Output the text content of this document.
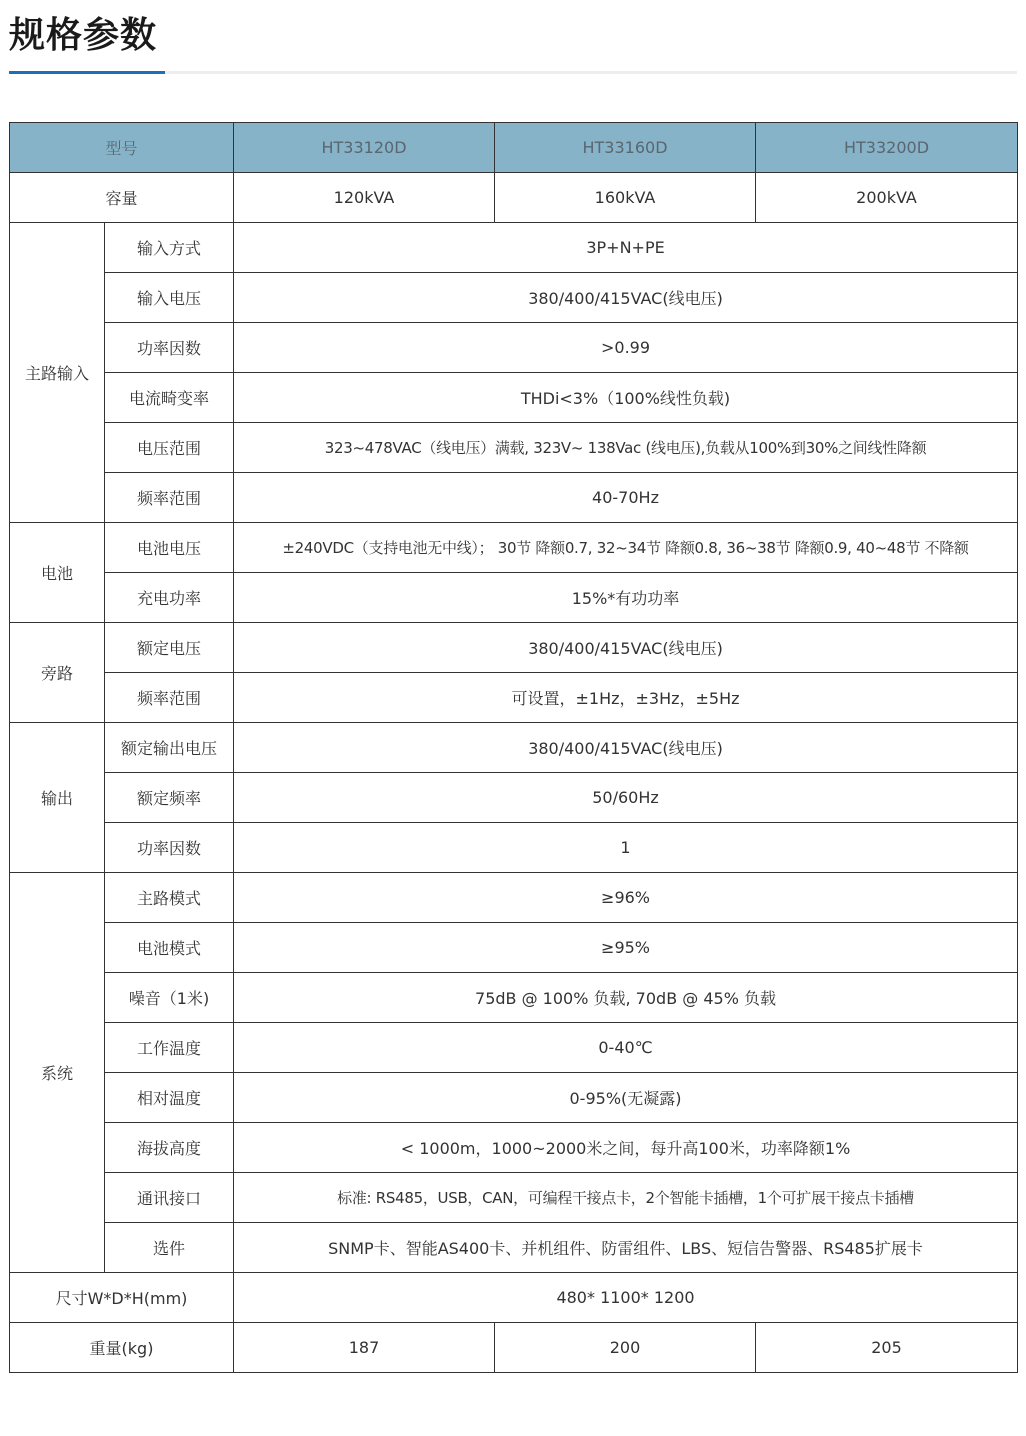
规格参数
型号		HT33120D	HT33160D	HT33200D
容量		120kVA	160kVA	200kVA
主路输入	输入方式	3P+N+PE		
	输入电压	380/400/415VAC(线电压)		
	功率因数	>0.99		
	电流畸变率	THDi<3%（100%线性负载)		
	电压范围	323~478VAC（线电压）满载, 323V~ 138Vac (线电压),负载从100%到30%之间线性降额		
	频率范围	40-70Hz		
电池	电池电压	±240VDC（支持电池无中线）； 30节 降额0.7, 32~34节 降额0.8, 36~38节 降额0.9, 40~48节 不降额		
	充电功率	15%*有功功率		
旁路	额定电压	380/400/415VAC(线电压)		
	频率范围	可设置，±1Hz，±3Hz，±5Hz		
输出	额定输出电压	380/400/415VAC(线电压)		
	额定频率	50/60Hz		
	功率因数	1		
系统	主路模式	≥96%		
	电池模式	≥95%		
	噪音（1米)	75dB @ 100% 负载, 70dB @ 45% 负载		
	工作温度	0-40℃		
	相对温度	0-95%(无凝露)		
	海拔高度	< 1000m，1000~2000米之间，每升高100米，功率降额1%		
	通讯接口	标准: RS485，USB，CAN，可编程干接点卡，2个智能卡插槽，1个可扩展干接点卡插槽		
	选件	SNMP卡、智能AS400卡、并机组件、防雷组件、LBS、短信告警器、RS485扩展卡		
尺寸W*D*H(mm)		480* 1100* 1200		
重量(kg)		187	200	205
